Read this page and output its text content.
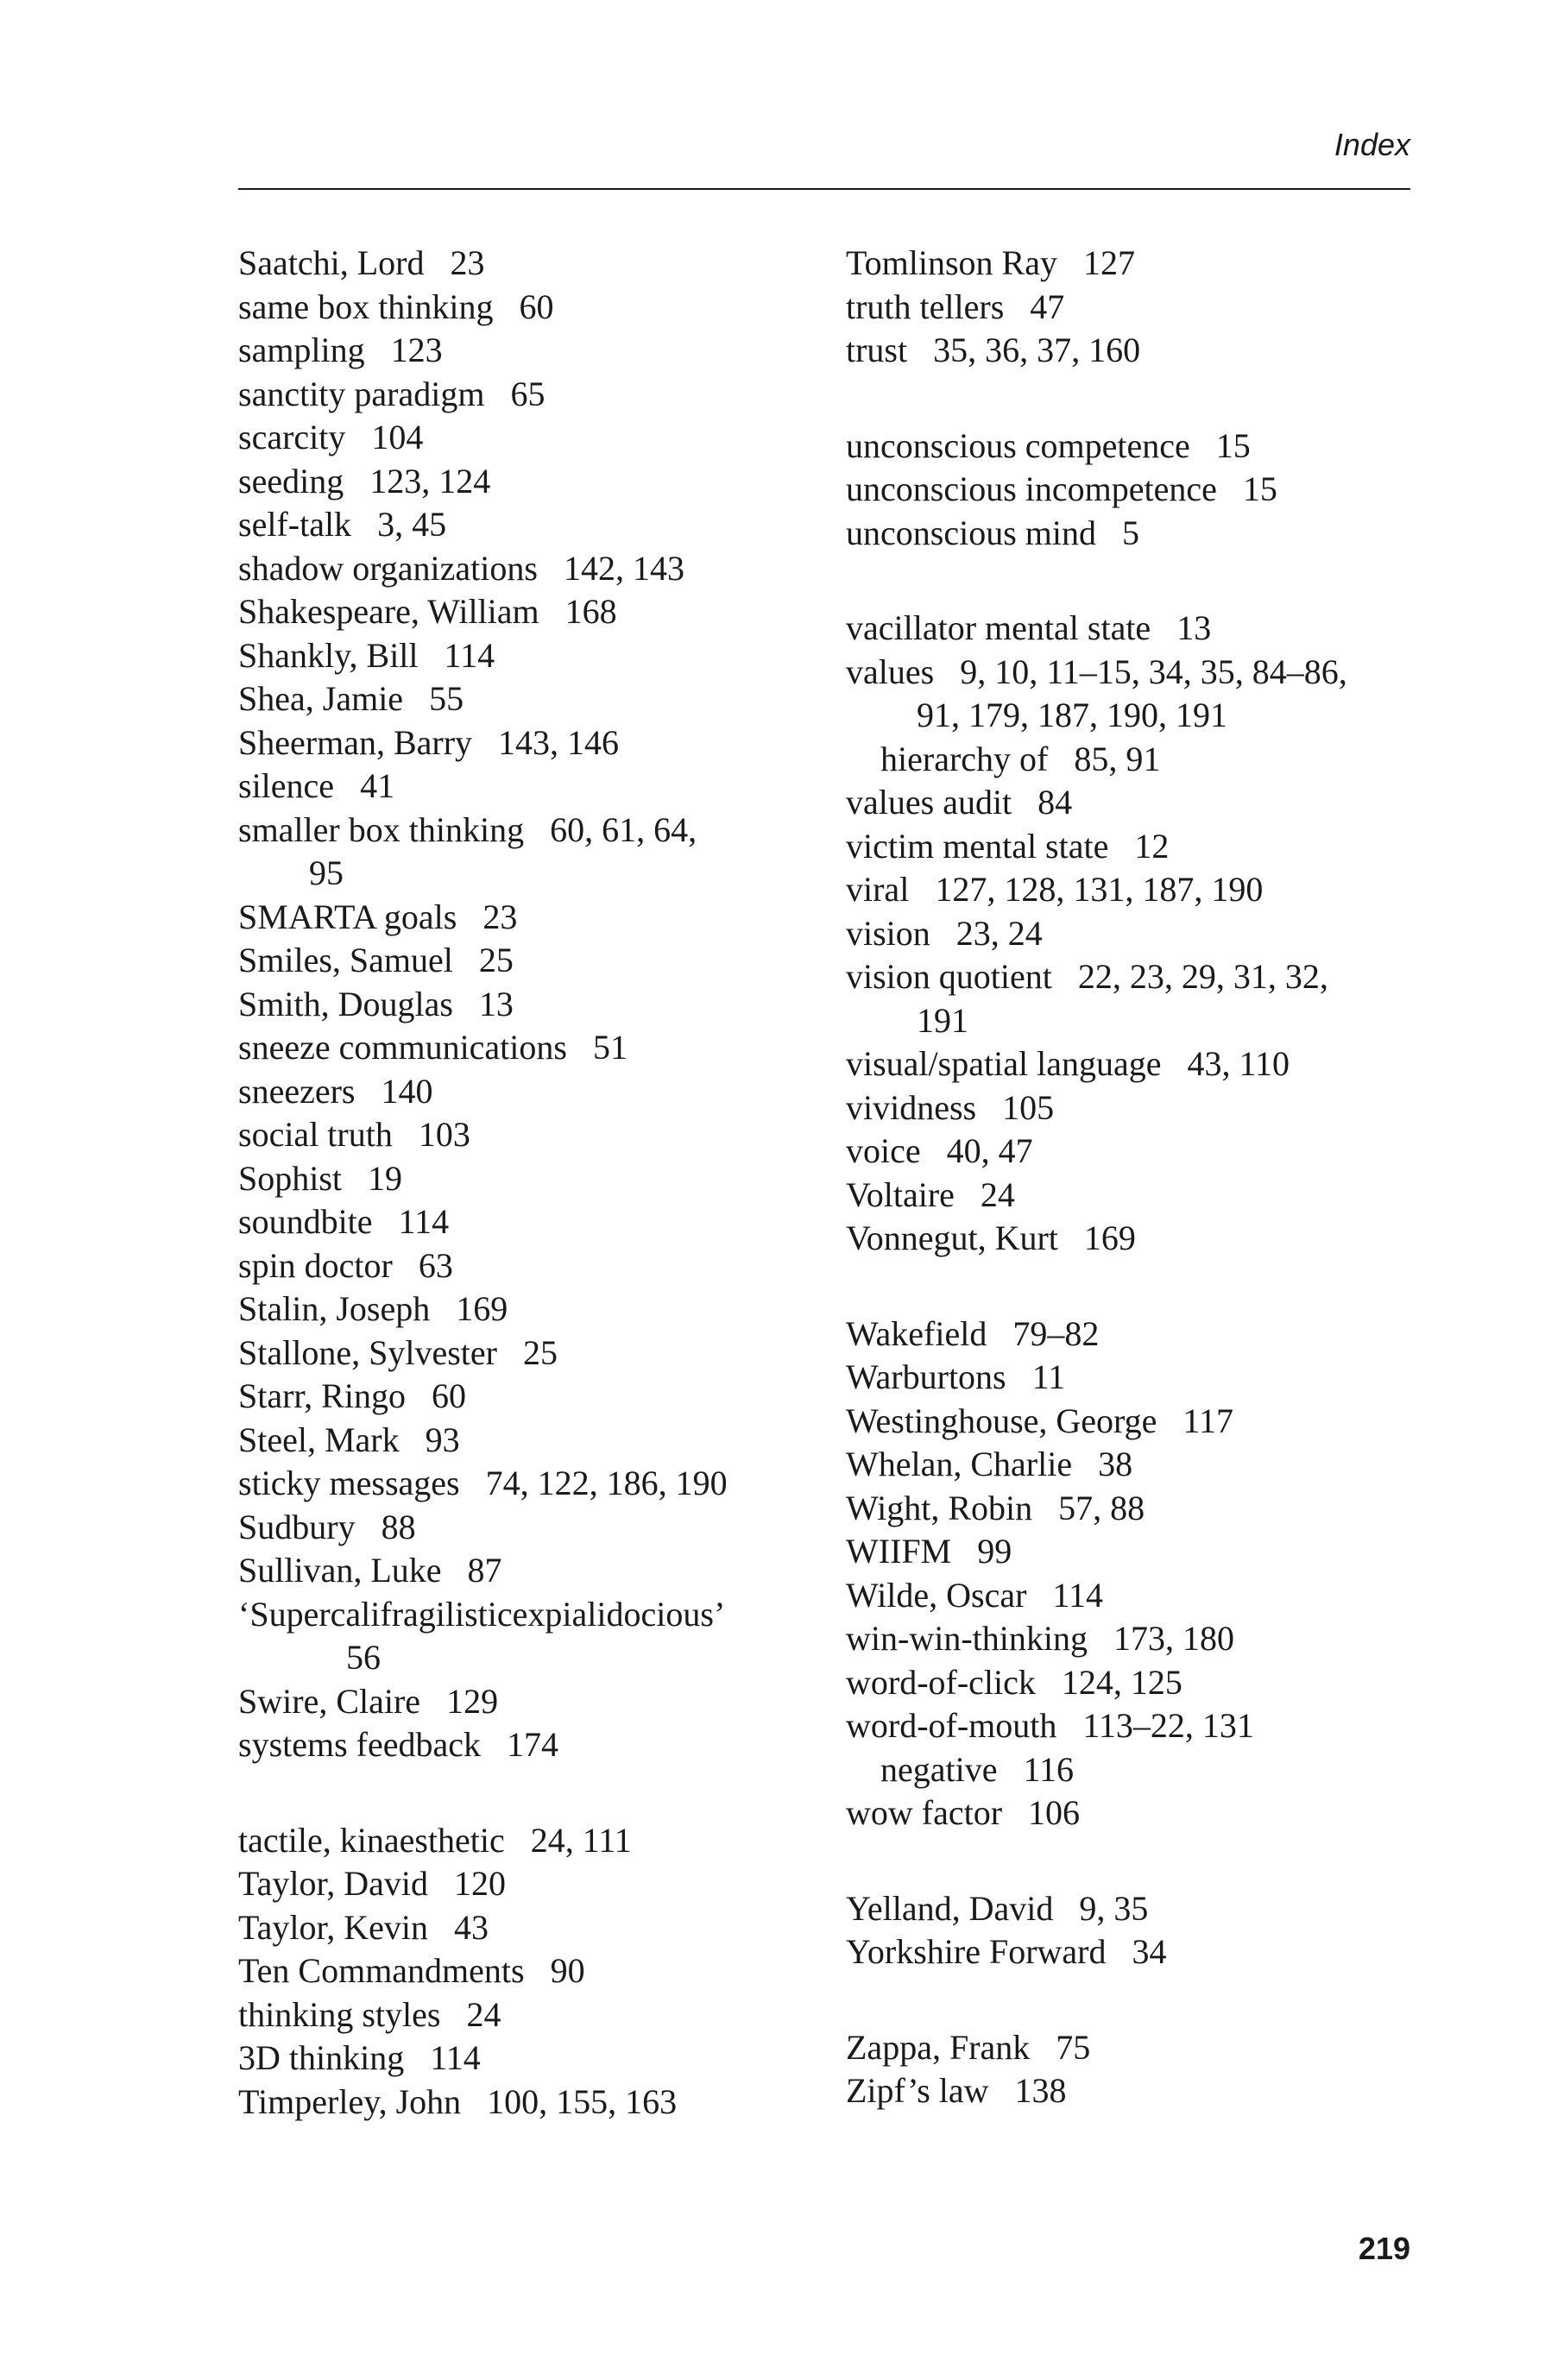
Index
Saatchi, Lord 23
same box thinking 60
sampling 123
sanctity paradigm 65
scarcity 104
seeding 123, 124
self-talk 3, 45
shadow organizations 142, 143
Shakespeare, William 168
Shankly, Bill 114
Shea, Jamie 55
Sheerman, Barry 143, 146
silence 41
smaller box thinking 60, 61, 64,
95
SMARTA goals 23
Smiles, Samuel 25
Smith, Douglas 13
sneeze communications 51
sneezers 140
social truth 103
Sophist 19
soundbite 114
spin doctor 63
Stalin, Joseph 169
Stallone, Sylvester 25
Starr, Ringo 60
Steel, Mark 93
sticky messages 74, 122, 186, 190
Sudbury 88
Sullivan, Luke 87
‘Supercalifragilisticexpialidocious’
56
Swire, Claire 129
systems feedback 174
tactile, kinaesthetic 24, 111
Taylor, David 120
Taylor, Kevin 43
Ten Commandments 90
thinking styles 24
3D thinking 114
Timperley, John 100, 155, 163
Tomlinson Ray 127
truth tellers 47
trust 35, 36, 37, 160
unconscious competence 15
unconscious incompetence 15
unconscious mind 5
vacillator mental state 13
values 9, 10, 11–15, 34, 35, 84–86,
91, 179, 187, 190, 191
hierarchy of 85, 91
values audit 84
victim mental state 12
viral 127, 128, 131, 187, 190
vision 23, 24
vision quotient 22, 23, 29, 31, 32,
191
visual/spatial language 43, 110
vividness 105
voice 40, 47
Voltaire 24
Vonnegut, Kurt 169
Wakefield 79–82
Warburtons 11
Westinghouse, George 117
Whelan, Charlie 38
Wight, Robin 57, 88
WIIFM 99
Wilde, Oscar 114
win-win-thinking 173, 180
word-of-click 124, 125
word-of-mouth 113–22, 131
negative 116
wow factor 106
Yelland, David 9, 35
Yorkshire Forward 34
Zappa, Frank 75
Zipf’s law 138
219
